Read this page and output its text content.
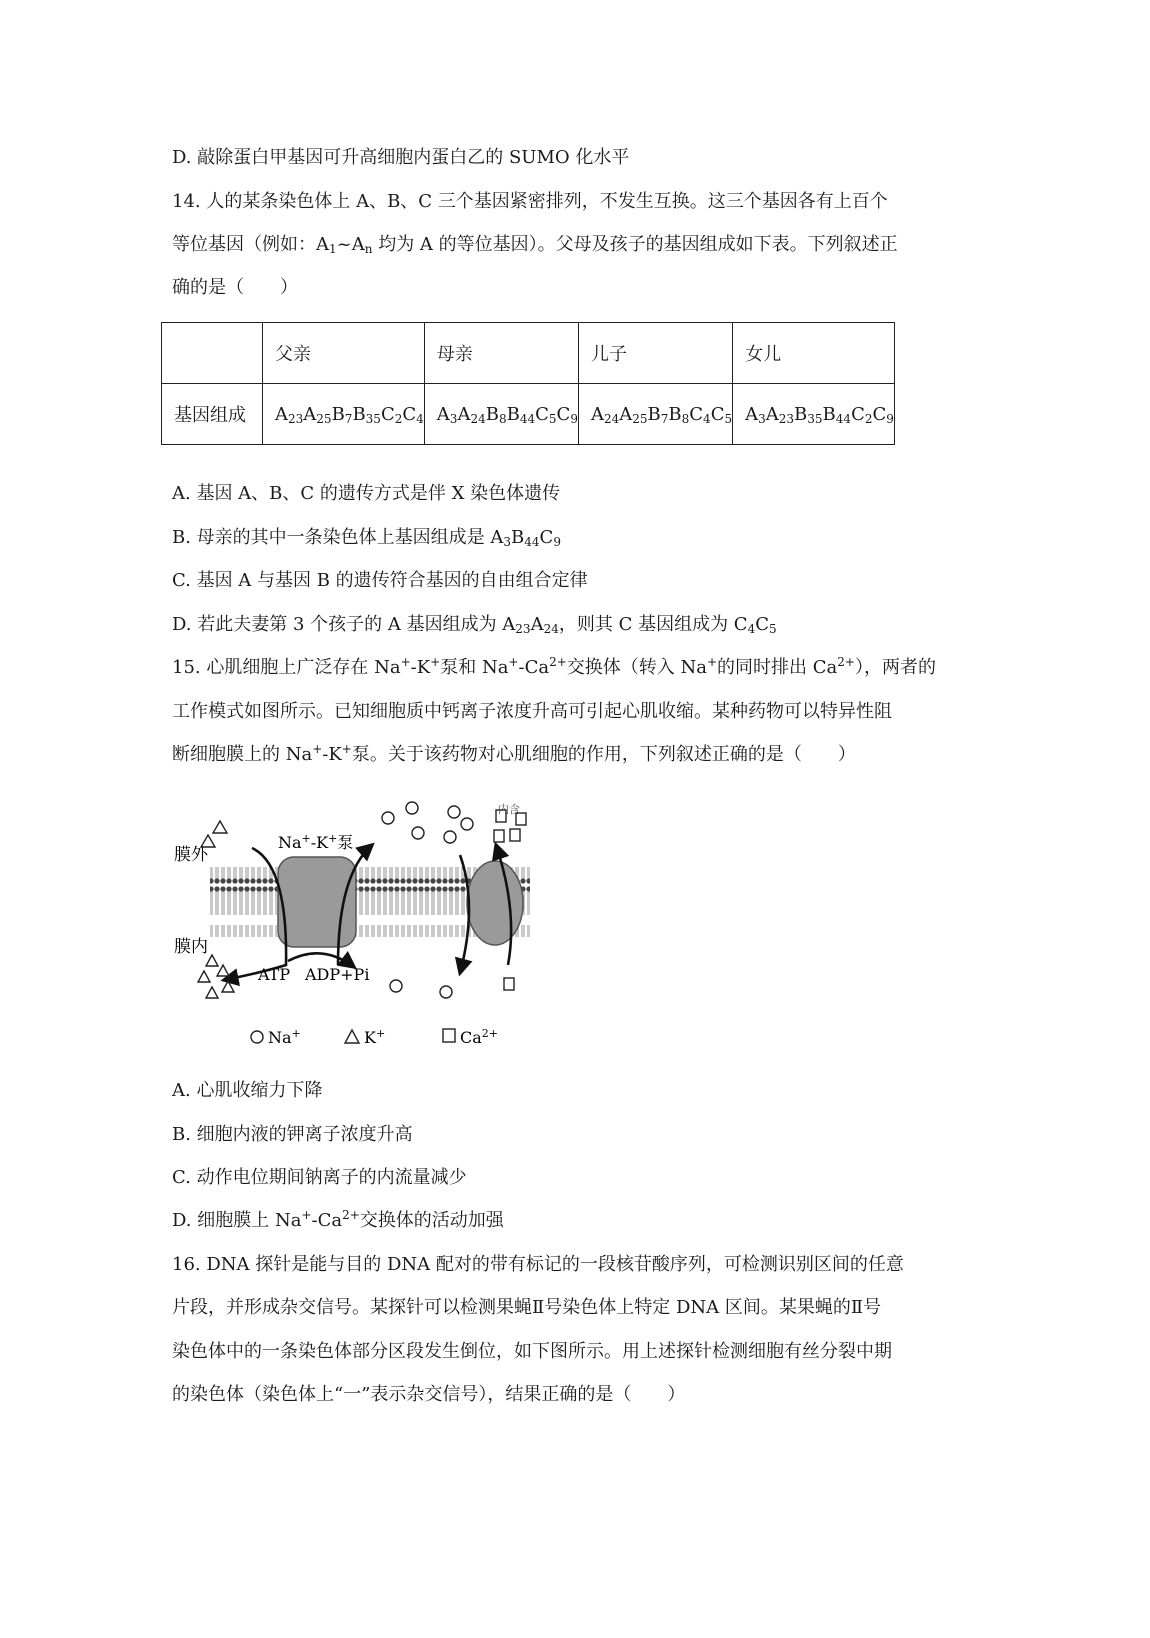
D. 敲除蛋白甲基因可升高细胞内蛋白乙的 SUMO 化水平
14. 人的某条染色体上 A、B、C 三个基因紧密排列，不发生互换。这三个基因各有上百个
等位基因（例如：$A_1\sim A_n$ 均为 A 的等位基因）。父母及孩子的基因组成如下表。下列叙述正
确的是（　　）
	父亲	母亲	儿子	女儿
基因组成	$A_{23}A_{25}B_7B_{35}C_2C_4$	$A_3A_{24}B_8B_{44}C_5C_9$	$A_{24}A_{25}B_7B_8C_4C_5$	$A_3A_{23}B_{35}B_{44}C_2C_9$
A. 基因 A、B、C 的遗传方式是伴 X 染色体遗传
B. 母亲的其中一条染色体上基因组成是 $A_3B_{44}C_9$
C. 基因 A 与基因 B 的遗传符合基因的自由组合定律
D. 若此夫妻第 3 个孩子的 A 基因组成为 $A_{23}A_{24}$，则其 C 基因组成为 $C_4C_5$
15. 心肌细胞上广泛存在 Na+-K+泵和 $Na^+-Ca^{2+}$交换体（转入 Na+的同时排出 $Ca^{2+}$），两者的
工作模式如图所示。已知细胞质中钙离子浓度升高可引起心肌收缩。某种药物可以特异性阻
断细胞膜上的 Na+-K+泵。关于该药物对心肌细胞的作用，下列叙述正确的是（　　）
膜外
膜内
Na+-K+泵
ATP ADP+Pi
内含
Na+	K+	$Ca^{2+}$
A. 心肌收缩力下降
B. 细胞内液的钾离子浓度升高
C. 动作电位期间钠离子的内流量减少
D. 细胞膜上 $Na^+-Ca^{2+}$交换体的活动加强
16. DNA 探针是能与目的 DNA 配对的带有标记的一段核苷酸序列，可检测识别区间的任意
片段，并形成杂交信号。某探针可以检测果蝇Ⅱ号染色体上特定 DNA 区间。某果蝇的Ⅱ号
染色体中的一条染色体部分区段发生倒位，如下图所示。用上述探针检测细胞有丝分裂中期
的染色体（染色体上“一”表示杂交信号），结果正确的是（　　）
